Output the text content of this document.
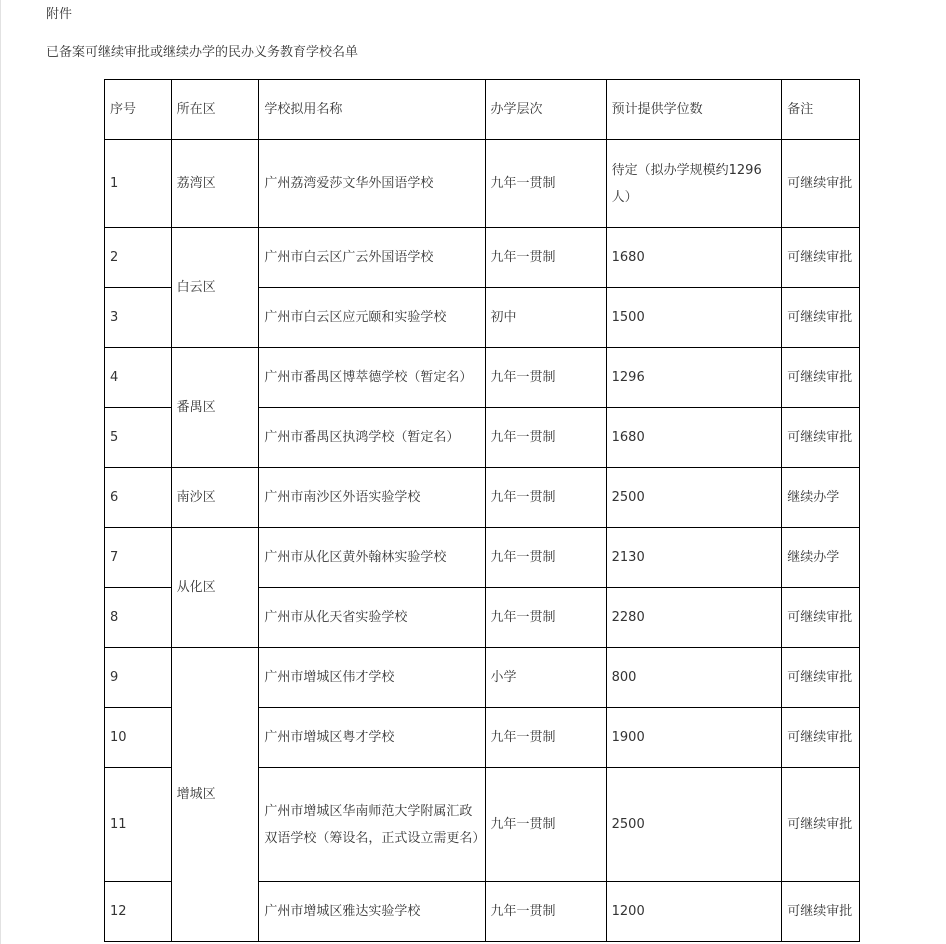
附件
已备案可继续审批或继续办学的民办义务教育学校名单
序号	所在区	学校拟用名称	办学层次	预计提供学位数	备注
1	荔湾区	广州荔湾爱莎文华外国语学校	九年一贯制	待定（拟办学规模约1296人）	可继续审批
2	白云区	广州市白云区广云外国语学校	九年一贯制	1680	可继续审批
3		广州市白云区应元颐和实验学校	初中	1500	可继续审批
4	番禺区	广州市番禺区博萃德学校（暂定名）	九年一贯制	1296	可继续审批
5		广州市番禺区执鸿学校（暂定名）	九年一贯制	1680	可继续审批
6	南沙区	广州市南沙区外语实验学校	九年一贯制	2500	继续办学
7	从化区	广州市从化区黄外翰林实验学校	九年一贯制	2130	继续办学
8		广州市从化天省实验学校	九年一贯制	2280	可继续审批
9	增城区	广州市增城区伟才学校	小学	800	可继续审批
10		广州市增城区粤才学校	九年一贯制	1900	可继续审批
11		广州市增城区华南师范大学附属汇政双语学校（筹设名，正式设立需更名）	九年一贯制	2500	可继续审批
12		广州市增城区雅达实验学校	九年一贯制	1200	可继续审批
